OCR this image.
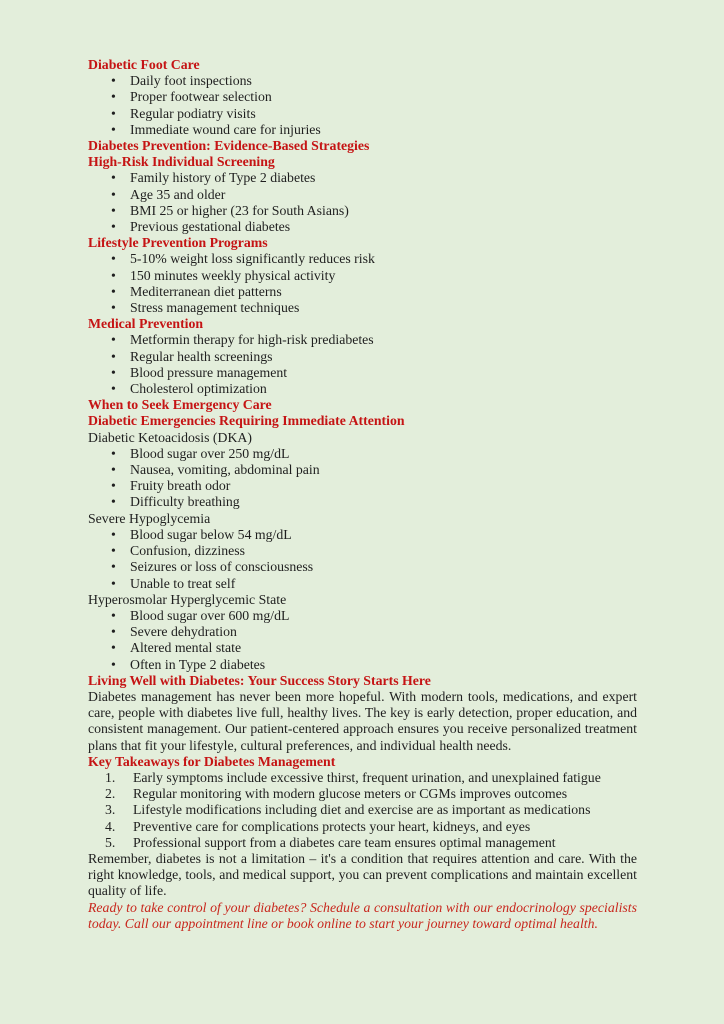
Diabetic Foot Care

• Daily foot inspections
• Proper footwear selection
• Regular podiatry visits
• Immediate wound care for injuries

Diabetes Prevention: Evidence-Based Strategies

High-Risk Individual Screening

• Family history of Type 2 diabetes
• Age 35 and older
• BMI 25 or higher (23 for South Asians)
• Previous gestational diabetes

Lifestyle Prevention Programs

• 5-10% weight loss significantly reduces risk
• 150 minutes weekly physical activity
• Mediterranean diet patterns
• Stress management techniques

Medical Prevention

• Metformin therapy for high-risk prediabetes
• Regular health screenings
• Blood pressure management
• Cholesterol optimization

When to Seek Emergency Care

Diabetic Emergencies Requiring Immediate Attention

Diabetic Ketoacidosis (DKA)

• Blood sugar over 250 mg/dL
• Nausea, vomiting, abdominal pain
• Fruity breath odor
• Difficulty breathing

Severe Hypoglycemia

• Blood sugar below 54 mg/dL
• Confusion, dizziness
• Seizures or loss of consciousness
• Unable to treat self

Hyperosmolar Hyperglycemic State

• Blood sugar over 600 mg/dL
• Severe dehydration
• Altered mental state
• Often in Type 2 diabetes

Living Well with Diabetes: Your Success Story Starts Here

Diabetes management has never been more hopeful. With modern tools, medications, and expert care, people with diabetes live full, healthy lives. The key is early detection, proper education, and consistent management. Our patient-centered approach ensures you receive personalized treatment plans that fit your lifestyle, cultural preferences, and individual health needs.

Key Takeaways for Diabetes Management

Early symptoms include excessive thirst, frequent urination, and unexplained fatigue
Regular monitoring with modern glucose meters or CGMs improves outcomes
Lifestyle modifications including diet and exercise are as important as medications
Preventive care for complications protects your heart, kidneys, and eyes
Professional support from a diabetes care team ensures optimal management

Remember, diabetes is not a limitation – it's a condition that requires attention and care. With the right knowledge, tools, and medical support, you can prevent complications and maintain excellent quality of life.

Ready to take control of your diabetes? Schedule a consultation with our endocrinology specialists today. Call our appointment line or book online to start your journey toward optimal health.
